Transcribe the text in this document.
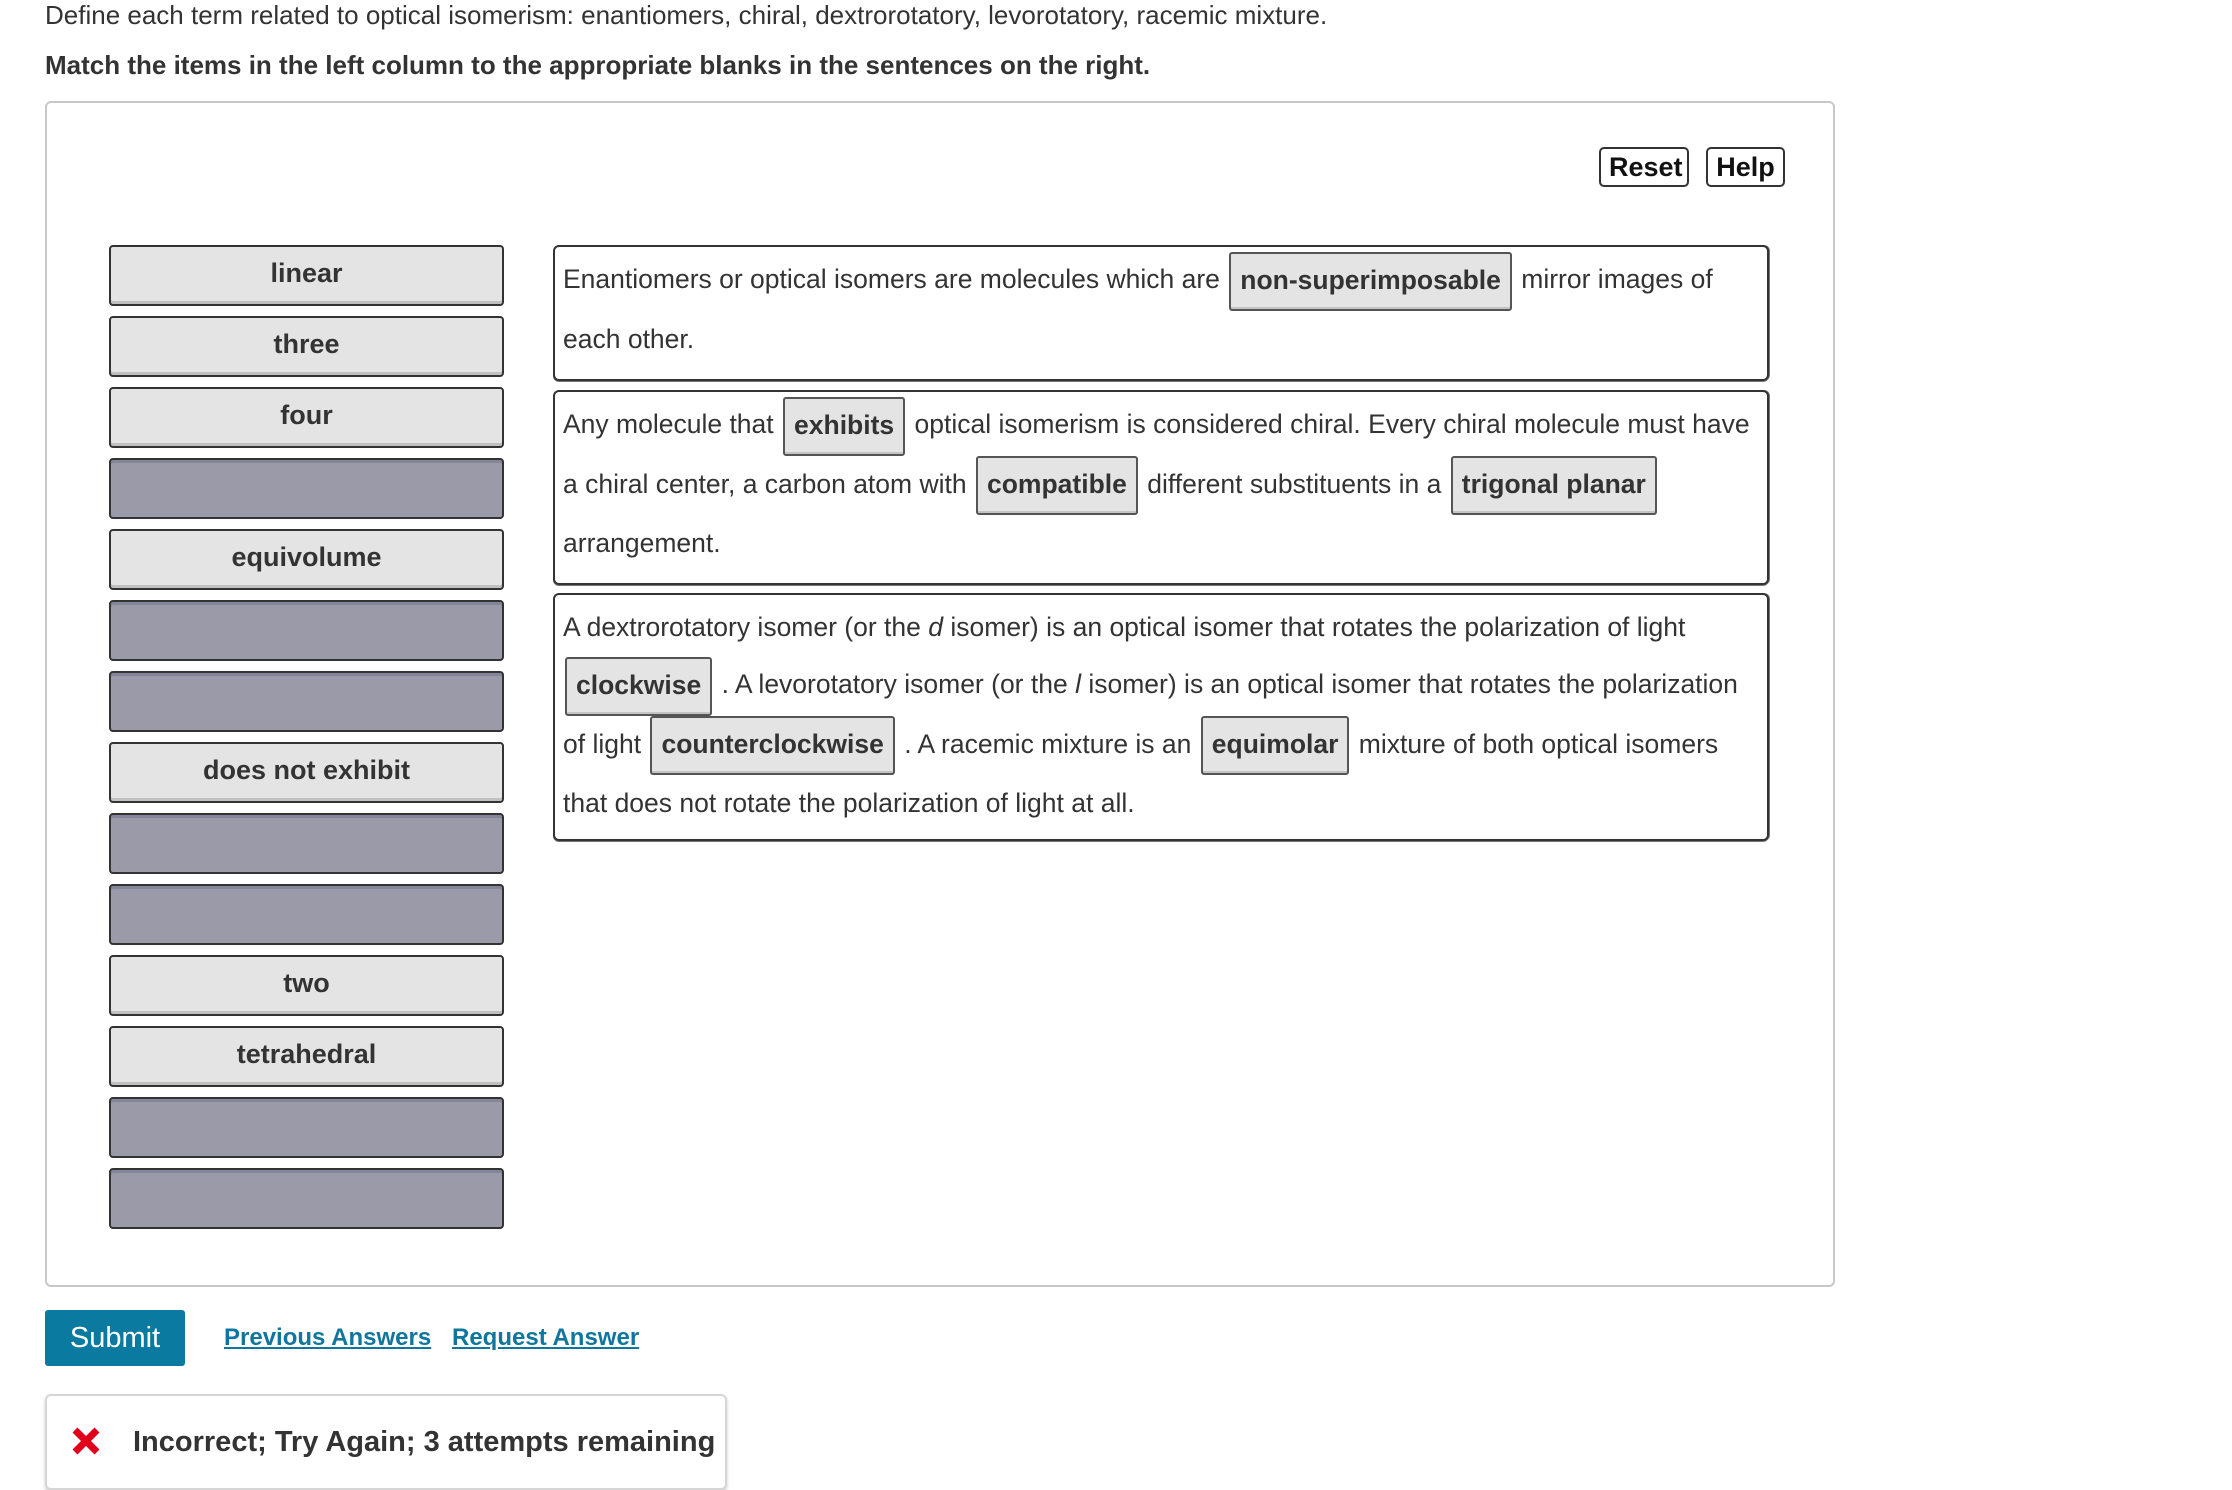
Define each term related to optical isomerism: enantiomers, chiral, dextrorotatory, levorotatory, racemic mixture.

Match the items in the left column to the appropriate blanks in the sentences on the right.

Reset	Help
linear
three
four
equivolume
does not exhibit
two
tetrahedral
Enantiomers or optical isomers are molecules which are non-superimposable mirror images of each other.
Any molecule that exhibits optical isomerism is considered chiral. Every chiral molecule must have a chiral center, a carbon atom with compatible different substituents in a trigonal planar arrangement.
A dextrorotatory isomer (or the d isomer) is an optical isomer that rotates the polarization of light clockwise . A levorotatory isomer (or the l isomer) is an optical isomer that rotates the polarization of light counterclockwise . A racemic mixture is an equimolar mixture of both optical isomers that does not rotate the polarization of light at all.
Submit	Previous Answers Request Answer
Incorrect; Try Again; 3 attempts remaining
